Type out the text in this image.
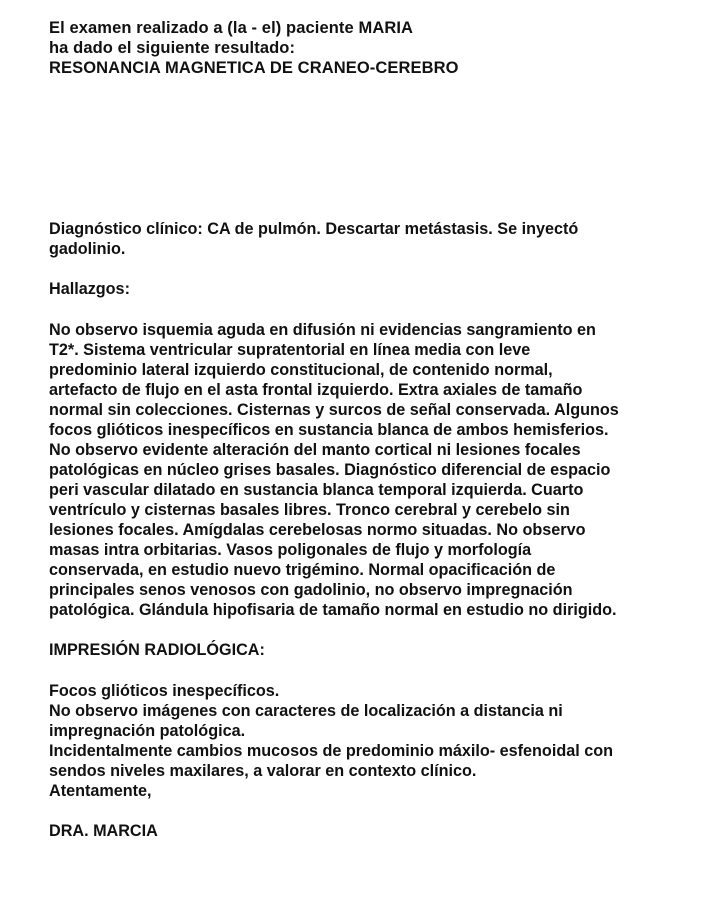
El examen realizado a (la - el) paciente MARIA
ha dado el siguiente resultado:
RESONANCIA MAGNETICA DE CRANEO-CEREBRO
Diagnóstico clínico: CA de pulmón. Descartar metástasis. Se inyectó
gadolinio.
Hallazgos:
No observo isquemia aguda en difusión ni evidencias sangramiento en
T2*. Sistema ventricular supratentorial en línea media con leve
predominio lateral izquierdo constitucional, de contenido normal,
artefacto de flujo en el asta frontal izquierdo. Extra axiales de tamaño
normal sin colecciones. Cisternas y surcos de señal conservada. Algunos
focos glióticos inespecíficos en sustancia blanca de ambos hemisferios.
No observo evidente alteración del manto cortical ni lesiones focales
patológicas en núcleo grises basales. Diagnóstico diferencial de espacio
peri vascular dilatado en sustancia blanca temporal izquierda. Cuarto
ventrículo y cisternas basales libres. Tronco cerebral y cerebelo sin
lesiones focales. Amígdalas cerebelosas normo situadas. No observo
masas intra orbitarias. Vasos poligonales de flujo y morfología
conservada, en estudio nuevo trigémino. Normal opacificación de
principales senos venosos con gadolinio, no observo impregnación
patológica. Glándula hipofisaria de tamaño normal en estudio no dirigido.
IMPRESIÓN RADIOLÓGICA:
Focos glióticos inespecíficos.
No observo imágenes con caracteres de localización a distancia ni
impregnación patológica.
Incidentalmente cambios mucosos de predominio máxilo- esfenoidal con
sendos niveles maxilares, a valorar en contexto clínico.
Atentamente,
DRA. MARCIA
